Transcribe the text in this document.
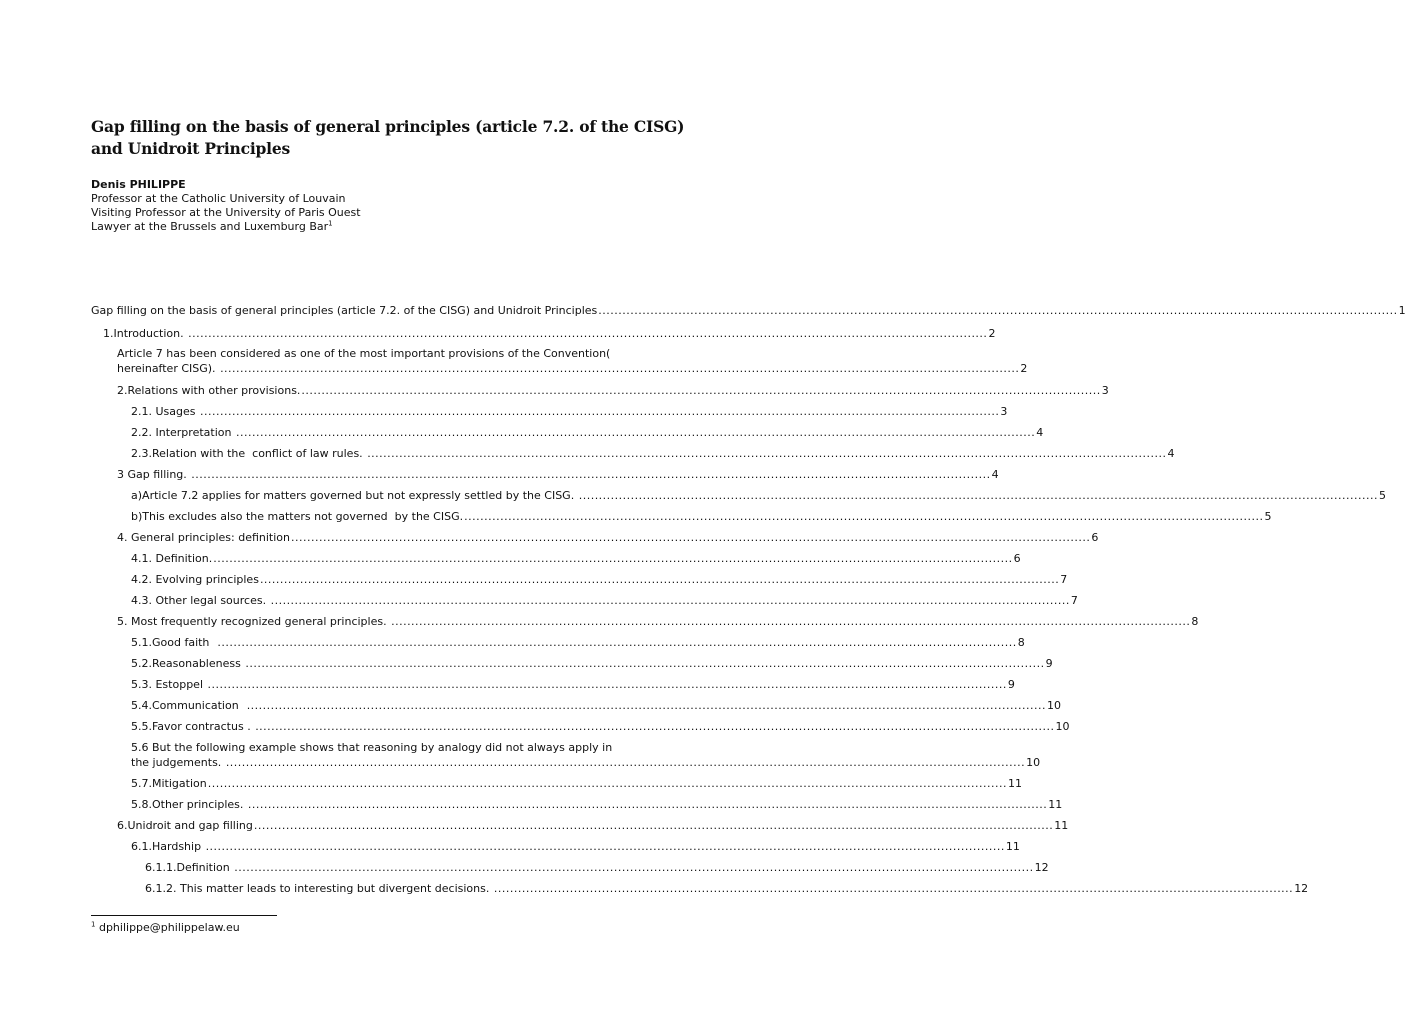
Gap filling on the basis of general principles (article 7.2. of the CISG) and Unidroit Principles
Denis PHILIPPE
Professor at the Catholic University of Louvain
Visiting Professor at the University of Paris Ouest
Lawyer at the Brussels and Luxemburg Bar$^1$
Gap filling on the basis of general principles (article 7.2. of the CISG) and Unidroit Principles ........................................................................................................................................................................................................ 1
1.Introduction. ........................................................................................................................................................................................................ 2
Article 7 has been considered as one of the most important provisions of the Convention(
hereinafter CISG). ........................................................................................................................................................................................................ 2
2.Relations with other provisions. ........................................................................................................................................................................................................ 3
2.1. Usages ........................................................................................................................................................................................................ 3
2.2. Interpretation ........................................................................................................................................................................................................ 4
2.3.Relation with the  conflict of law rules. ........................................................................................................................................................................................................ 4
3 Gap filling. ........................................................................................................................................................................................................ 4
a) Article 7.2 applies for matters governed but not expressly settled by the CISG. ........................................................................................................................................................................................................ 5
b) This excludes also the matters not governed  by the CISG. ........................................................................................................................................................................................................ 5
4. General principles: definition ........................................................................................................................................................................................................ 6
4.1. Definition. ........................................................................................................................................................................................................ 6
4.2. Evolving principles ........................................................................................................................................................................................................ 7
4.3. Other legal sources. ........................................................................................................................................................................................................ 7
5. Most frequently recognized general principles. ........................................................................................................................................................................................................ 8
5.1.Good faith ........................................................................................................................................................................................................ 8
5.2.Reasonableness ........................................................................................................................................................................................................ 9
5.3. Estoppel ........................................................................................................................................................................................................ 9
5.4.Communication ........................................................................................................................................................................................................ 10
5.5.Favor contractus . ........................................................................................................................................................................................................ 10
5.6 But the following example shows that reasoning by analogy did not always apply in
the judgements. ........................................................................................................................................................................................................ 10
5.7.Mitigation ........................................................................................................................................................................................................ 11
5.8.Other principles. ........................................................................................................................................................................................................ 11
6.Unidroit and gap filling ........................................................................................................................................................................................................ 11
6.1.Hardship ........................................................................................................................................................................................................ 11
6.1.1.Definition ........................................................................................................................................................................................................ 12
6.1.2. This matter leads to interesting but divergent decisions. ........................................................................................................................................................................................................ 12
$^1$ dphilippe@philippelaw.eu
